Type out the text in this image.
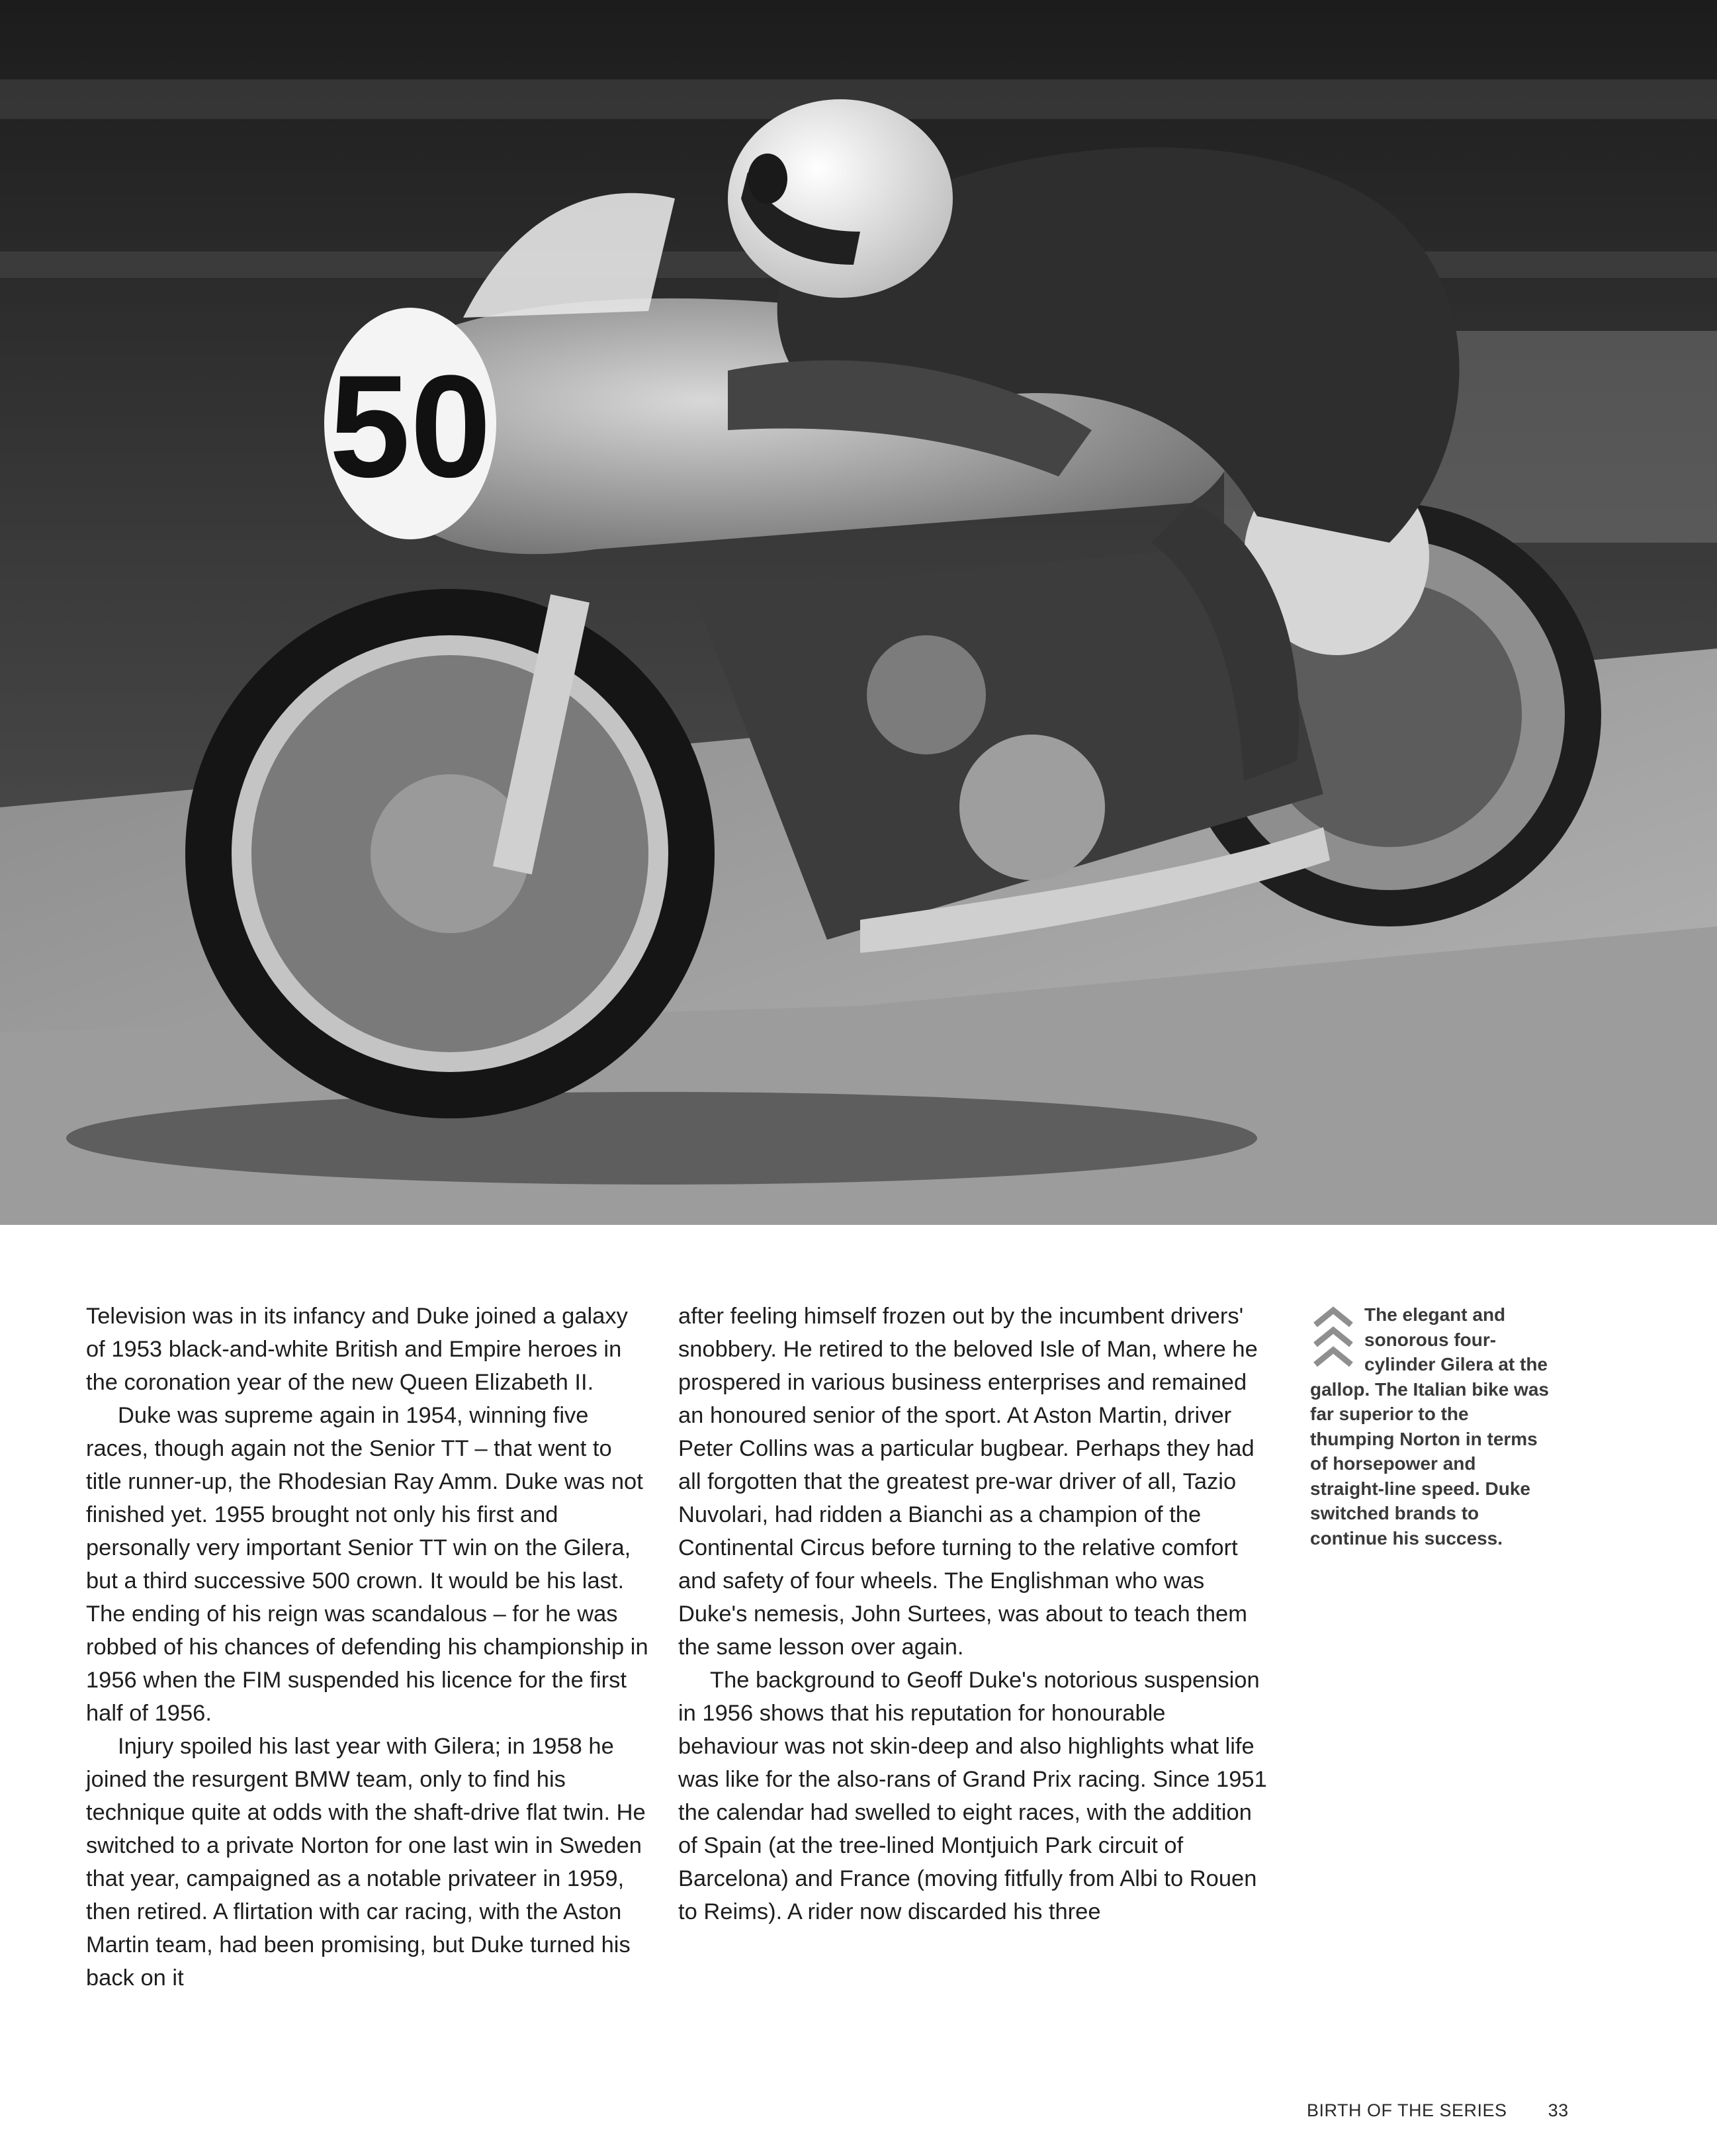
50

Television was in its infancy and Duke joined a galaxy of 1953 black-and-white British and Empire heroes in the coronation year of the new Queen Elizabeth II.

Duke was supreme again in 1954, winning five races, though again not the Senior TT – that went to title runner-up, the Rhodesian Ray Amm. Duke was not finished yet. 1955 brought not only his first and personally very important Senior TT win on the Gilera, but a third successive 500 crown. It would be his last. The ending of his reign was scandalous – for he was robbed of his chances of defending his championship in 1956 when the FIM suspended his licence for the first half of 1956.

Injury spoiled his last year with Gilera; in 1958 he joined the resurgent BMW team, only to find his technique quite at odds with the shaft-drive flat twin. He switched to a private Norton for one last win in Sweden that year, campaigned as a notable privateer in 1959, then retired. A flirtation with car racing, with the Aston Martin team, had been promising, but Duke turned his back on it

after feeling himself frozen out by the incumbent drivers' snobbery. He retired to the beloved Isle of Man, where he prospered in various business enterprises and remained an honoured senior of the sport. At Aston Martin, driver Peter Collins was a particular bugbear. Perhaps they had all forgotten that the greatest pre-war driver of all, Tazio Nuvolari, had ridden a Bianchi as a champion of the Continental Circus before turning to the relative comfort and safety of four wheels. The Englishman who was Duke's nemesis, John Surtees, was about to teach them the same lesson over again.

The background to Geoff Duke's notorious suspension in 1956 shows that his reputation for honourable behaviour was not skin-deep and also highlights what life was like for the also-rans of Grand Prix racing. Since 1951 the calendar had swelled to eight races, with the addition of Spain (at the tree-lined Montjuich Park circuit of Barcelona) and France (moving fitfully from Albi to Rouen to Reims). A rider now discarded his three

The elegant and sonorous four-cylinder Gilera at the gallop. The Italian bike was far superior to the thumping Norton in terms of horsepower and straight-line speed. Duke switched brands to continue his success.
BIRTH OF THE SERIES 33
